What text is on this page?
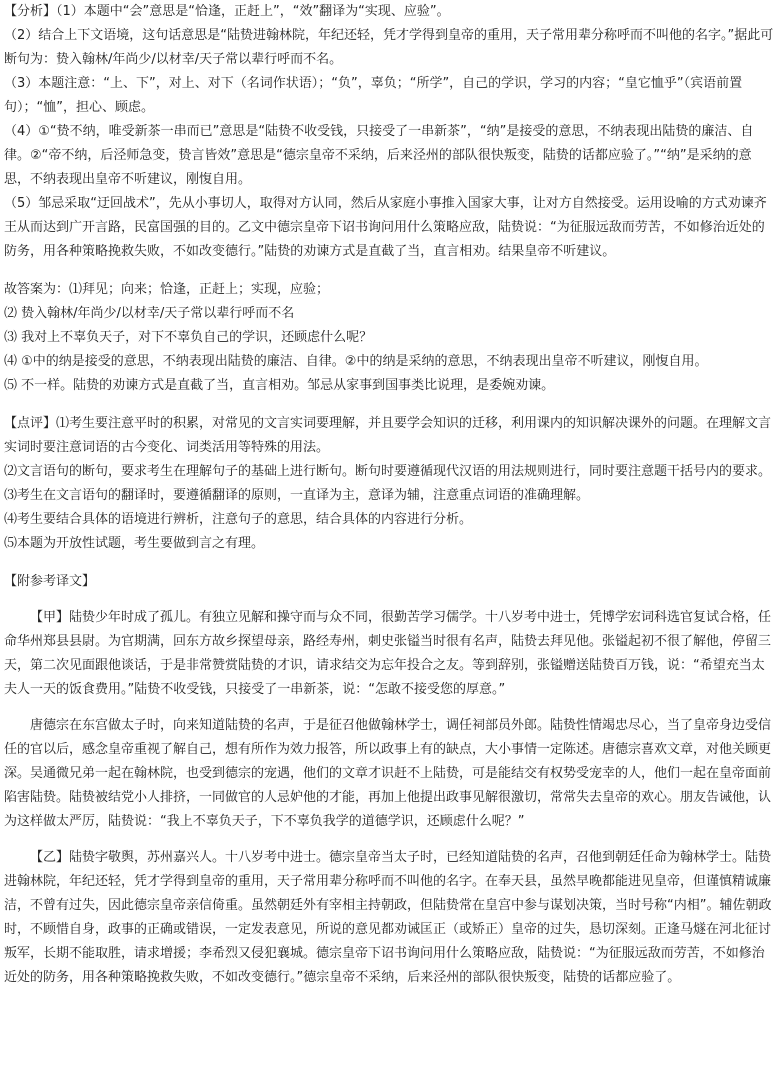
【分析】（1）本题中“会”意思是“恰逢，正赶上”，“效”翻译为“实现、应验”。

（2）结合上下文语境，这句话意思是“陆贽进翰林院，年纪还轻，凭才学得到皇帝的重用，天子常用辈分称呼而不叫他的名字。”据此可断句为：贽入翰林/年尚少/以材幸/天子常以辈行呼而不名。

（3）本题注意：“上、下”，对上、对下（名词作状语）；“负”，辜负；“所学”，自己的学识，学习的内容；“皇它恤乎”（宾语前置句）；“恤”，担心、顾虑。

（4）①“贽不纳，唯受新茶一串而已”意思是“陆贽不收受钱，只接受了一串新茶”，“纳”是接受的意思，不纳表现出陆贽的廉洁、自律。②“帝不纳，后泾师急变，贽言皆效”意思是“德宗皇帝不采纳，后来泾州的部队很快叛变，陆贽的话都应验了。”“纳”是采纳的意思，不纳表现出皇帝不听建议，刚愎自用。

（5）邹忌采取“迂回战术”，先从小事切人，取得对方认同，然后从家庭小事推入国家大事，让对方自然接受。运用设喻的方式劝谏齐王从而达到广开言路，民富国强的目的。乙文中德宗皇帝下诏书询问用什么策略应敌，陆贽说：“为征服远敌而劳苦，不如修治近处的防务，用各种策略挽救失败，不如改变德行。”陆贽的劝谏方式是直截了当，直言相劝。结果皇帝不听建议。

故答案为：⑴拜见；向来；恰逢，正赶上；实现，应验；

⑵ 贽入翰林/年尚少/以材幸/天子常以辈行呼而不名

⑶ 我对上不辜负天子，对下不辜负自己的学识，还顾虑什么呢？

⑷ ①中的纳是接受的意思，不纳表现出陆贽的廉洁、自律。②中的纳是采纳的意思，不纳表现出皇帝不听建议，刚愎自用。

⑸ 不一样。陆贽的劝谏方式是直截了当，直言相劝。邹忌从家事到国事类比说理，是委婉劝谏。

【点评】⑴考生要注意平时的积累，对常见的文言实词要理解，并且要学会知识的迁移，利用课内的知识解决课外的问题。在理解文言实词时要注意词语的古今变化、词类活用等特殊的用法。

⑵文言语句的断句，要求考生在理解句子的基础上进行断句。断句时要遵循现代汉语的用法规则进行，同时要注意题干括号内的要求。

⑶考生在文言语句的翻译时，要遵循翻译的原则，一直译为主，意译为辅，注意重点词语的准确理解。

⑷考生要结合具体的语境进行辨析，注意句子的意思，结合具体的内容进行分析。

⑸本题为开放性试题，考生要做到言之有理。

【附参考译文】

【甲】陆贽少年时成了孤儿。有独立见解和操守而与众不同，很勤苦学习儒学。十八岁考中进士，凭博学宏词科选官复试合格，任命华州郑县县尉。为官期满，回东方故乡探望母亲，路经寿州，刺史张镒当时很有名声，陆贽去拜见他。张镒起初不很了解他，停留三天，第二次见面跟他谈话，于是非常赞赏陆贽的才识，请求结交为忘年投合之友。等到辞别，张镒赠送陆贽百万钱，说：“希望充当太夫人一天的饭食费用。”陆贽不收受钱，只接受了一串新茶，说：“怎敢不接受您的厚意。”

唐德宗在东宫做太子时，向来知道陆贽的名声，于是征召他做翰林学士，调任祠部员外郎。陆贽性情竭忠尽心，当了皇帝身边受信任的官以后，感念皇帝重视了解自己，想有所作为效力报答，所以政事上有的缺点，大小事情一定陈述。唐德宗喜欢文章，对他关顾更深。吴通微兄弟一起在翰林院，也受到德宗的宠遇，他们的文章才识赶不上陆贽，可是能结交有权势受宠幸的人，他们一起在皇帝面前陷害陆贽。陆贽被结党小人排挤，一同做官的人忌妒他的才能，再加上他提出政事见解很激切，常常失去皇帝的欢心。朋友告诫他，认为这样做太严厉，陆贽说：“我上不辜负天子，下不辜负我学的道德学识，还顾虑什么呢？”

【乙】陆贽字敬舆，苏州嘉兴人。十八岁考中进士。德宗皇帝当太子时，已经知道陆贽的名声，召他到朝廷任命为翰林学士。陆贽进翰林院，年纪还轻，凭才学得到皇帝的重用，天子常用辈分称呼而不叫他的名字。在奉天县，虽然早晚都能进见皇帝，但谨慎精诚廉洁，不曾有过失，因此德宗皇帝亲信倚重。虽然朝廷外有宰相主持朝政，但陆贽常在皇宫中参与谋划决策，当时号称“内相”。辅佐朝政时，不顾惜自身，政事的正确或错误，一定发表意见，所说的意见都劝诫匡正（或矫正）皇帝的过失，恳切深刻。正逢马燧在河北征讨叛军，长期不能取胜，请求增援；李希烈又侵犯襄城。德宗皇帝下诏书询问用什么策略应敌，陆贽说：“为征服远敌而劳苦，不如修治近处的防务，用各种策略挽救失败，不如改变德行。”德宗皇帝不采纳，后来泾州的部队很快叛变，陆贽的话都应验了。
